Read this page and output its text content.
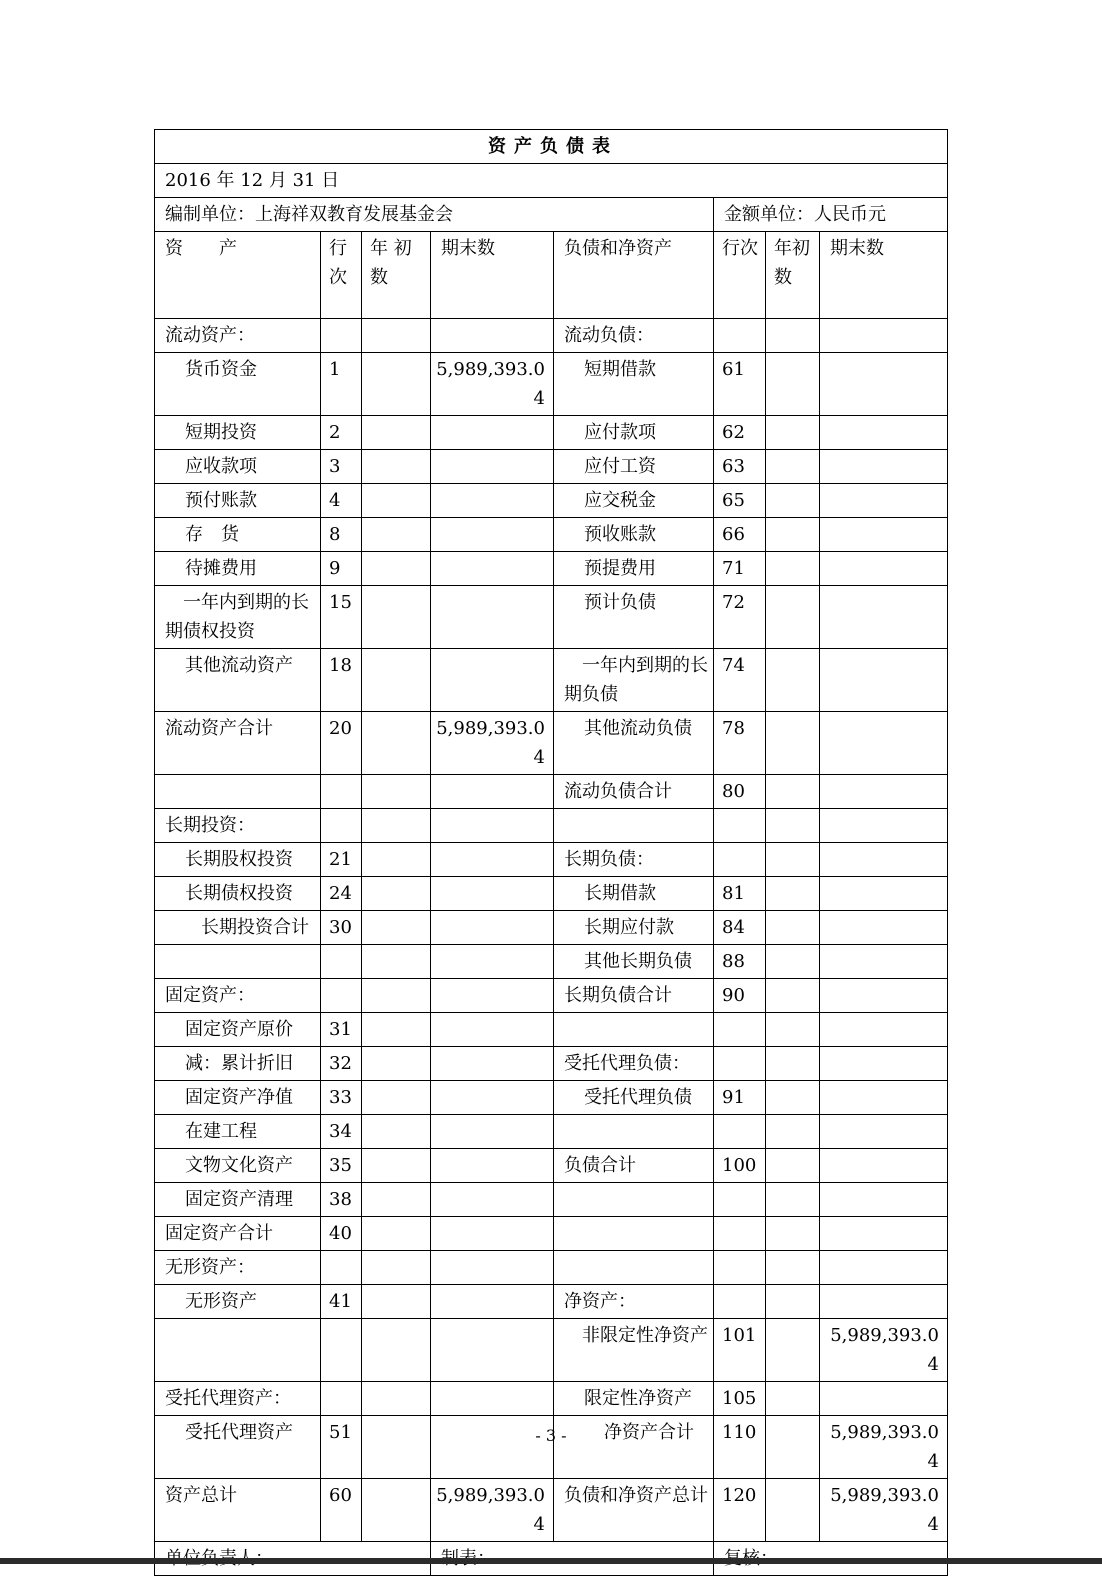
资产负债表							
2016 年 12 月 31 日							
编制单位：上海祥双教育发展基金会					金额单位：人民币元		
资　　产	行次	年 初 数	期末数	负债和净资产	行次	年初数	期末数
流动资产：				流动负债：			
货币资金	1		5,989,393.04	短期借款	61		
短期投资	2			应付款项	62		
应收款项	3			应付工资	63		
预付账款	4			应交税金	65		
存　货	8			预收账款	66		
待摊费用	9			预提费用	71		
　一年内到期的长期债权投资	15			预计负债	72		
其他流动资产	18			　一年内到期的长期负债	74		
流动资产合计	20		5,989,393.04	其他流动负债	78		
				流动负债合计	80		
长期投资：							
长期股权投资	21			长期负债：			
长期债权投资	24			长期借款	81		
　　长期投资合计	30			长期应付款	84		
				其他长期负债	88		
固定资产：				长期负债合计	90		
固定资产原价	31						
减：累计折旧	32			受托代理负债：			
固定资产净值	33			受托代理负债	91		
在建工程	34						
文物文化资产	35			负债合计	100		
固定资产清理	38						
固定资产合计	40						
无形资产：							
无形资产	41			净资产：			
				　非限定性净资产	101		5,989,393.04
受托代理资产：				限定性净资产	105		
受托代理资产	51			净资产合计	110		5,989,393.04
资产总计	60		5,989,393.04	负债和净资产总计	120		5,989,393.04

- 3 -
